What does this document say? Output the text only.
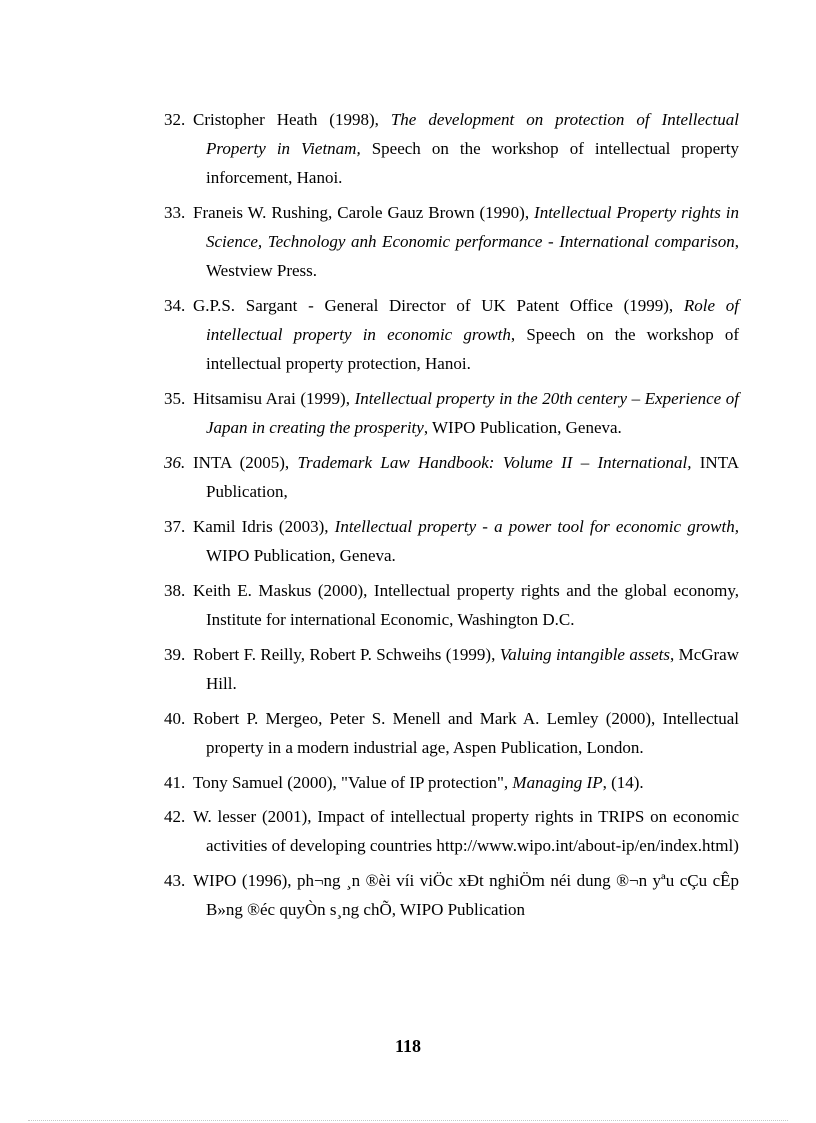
32. Cristopher Heath (1998), The development on protection of Intellectual Property in Vietnam, Speech on the workshop of intellectual property inforcement, Hanoi.
33. Franeis W. Rushing, Carole Gauz Brown (1990), Intellectual Property rights in Science, Technology anh Economic performance - International comparison, Westview Press.
34. G.P.S. Sargant - General Director of UK Patent Office (1999), Role of intellectual property in economic growth, Speech on the workshop of intellectual property protection, Hanoi.
35. Hitsamisu Arai (1999), Intellectual property in the 20th centery – Experience of Japan in creating the prosperity, WIPO Publication, Geneva.
36. INTA (2005), Trademark Law Handbook: Volume II – International, INTA Publication,
37. Kamil Idris (2003), Intellectual property - a power tool for economic growth, WIPO Publication, Geneva.
38. Keith E. Maskus (2000), Intellectual property rights and the global economy, Institute for international Economic, Washington D.C.
39. Robert F. Reilly, Robert P. Schweihs (1999), Valuing intangible assets, McGraw Hill.
40. Robert P. Mergeo, Peter S. Menell and Mark A. Lemley (2000), Intellectual property in a modern industrial age, Aspen Publication, London.
41. Tony Samuel (2000), "Value of IP protection", Managing IP, (14).
42. W. lesser (2001), Impact of intellectual property rights in TRIPS on economic activities of developing countries http://www.wipo.int/about-ip/en/index.html)
43. WIPO (1996), ph¬ng ¸n ®èi víi viÖc xÐt nghiÖm néi dung ®¬n yªu cÇu cÊp B»ng ®éc quyÒn s¸ng chÕ, WIPO Publication
118
